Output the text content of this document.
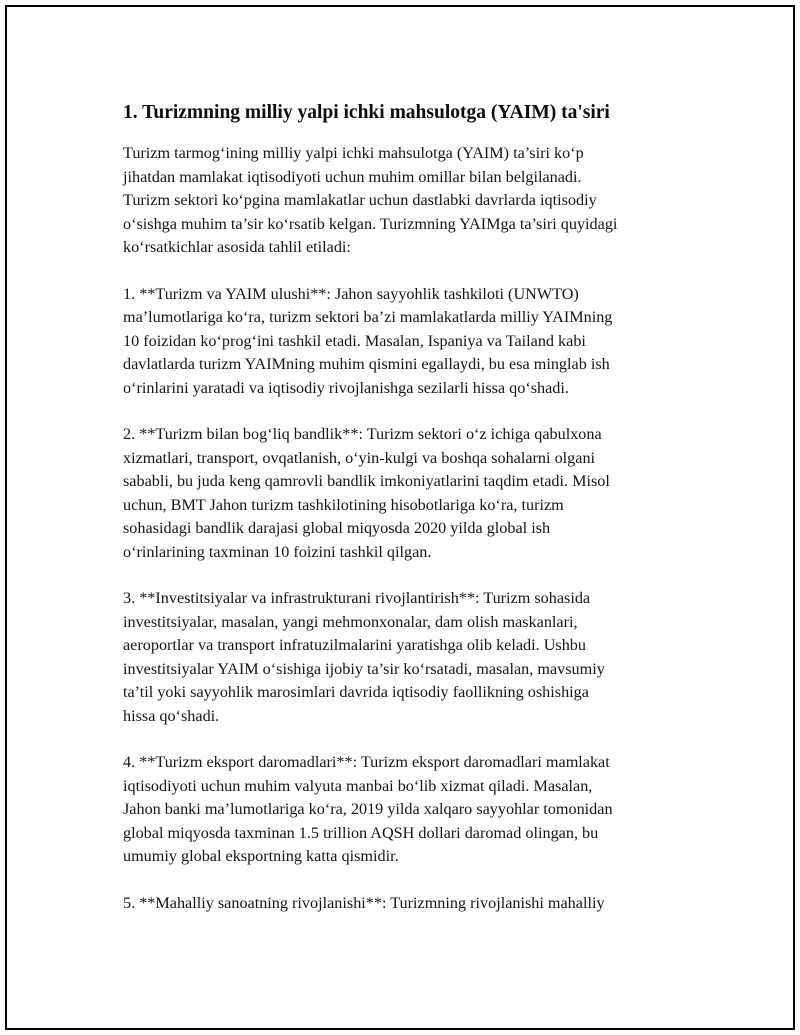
1. Turizmning milliy yalpi ichki mahsulotga (YAIM) ta'siri

Turizm tarmog‘ining milliy yalpi ichki mahsulotga (YAIM) ta’siri ko‘p
jihatdan mamlakat iqtisodiyoti uchun muhim omillar bilan belgilanadi.
Turizm sektori ko‘pgina mamlakatlar uchun dastlabki davrlarda iqtisodiy
o‘sishga muhim ta’sir ko‘rsatib kelgan. Turizmning YAIMga ta’siri quyidagi
ko‘rsatkichlar asosida tahlil etiladi:

1. **Turizm va YAIM ulushi**: Jahon sayyohlik tashkiloti (UNWTO)
ma’lumotlariga ko‘ra, turizm sektori ba’zi mamlakatlarda milliy YAIMning
10 foizidan ko‘prog‘ini tashkil etadi. Masalan, Ispaniya va Tailand kabi
davlatlarda turizm YAIMning muhim qismini egallaydi, bu esa minglab ish
o‘rinlarini yaratadi va iqtisodiy rivojlanishga sezilarli hissa qo‘shadi.

2. **Turizm bilan bog‘liq bandlik**: Turizm sektori o‘z ichiga qabulxona
xizmatlari, transport, ovqatlanish, o‘yin-kulgi va boshqa sohalarni olgani
sababli, bu juda keng qamrovli bandlik imkoniyatlarini taqdim etadi. Misol
uchun, BMT Jahon turizm tashkilotining hisobotlariga ko‘ra, turizm
sohasidagi bandlik darajasi global miqyosda 2020 yilda global ish
o‘rinlarining taxminan 10 foizini tashkil qilgan.

3. **Investitsiyalar va infrastrukturani rivojlantirish**: Turizm sohasida
investitsiyalar, masalan, yangi mehmonxonalar, dam olish maskanlari,
aeroportlar va transport infratuzilmalarini yaratishga olib keladi. Ushbu
investitsiyalar YAIM o‘sishiga ijobiy ta’sir ko‘rsatadi, masalan, mavsumiy
ta’til yoki sayyohlik marosimlari davrida iqtisodiy faollikning oshishiga
hissa qo‘shadi.

4. **Turizm eksport daromadlari**: Turizm eksport daromadlari mamlakat
iqtisodiyoti uchun muhim valyuta manbai bo‘lib xizmat qiladi. Masalan,
Jahon banki ma’lumotlariga ko‘ra, 2019 yilda xalqaro sayyohlar tomonidan
global miqyosda taxminan 1.5 trillion AQSH dollari daromad olingan, bu
umumiy global eksportning katta qismidir.

5. **Mahalliy sanoatning rivojlanishi**: Turizmning rivojlanishi mahalliy
